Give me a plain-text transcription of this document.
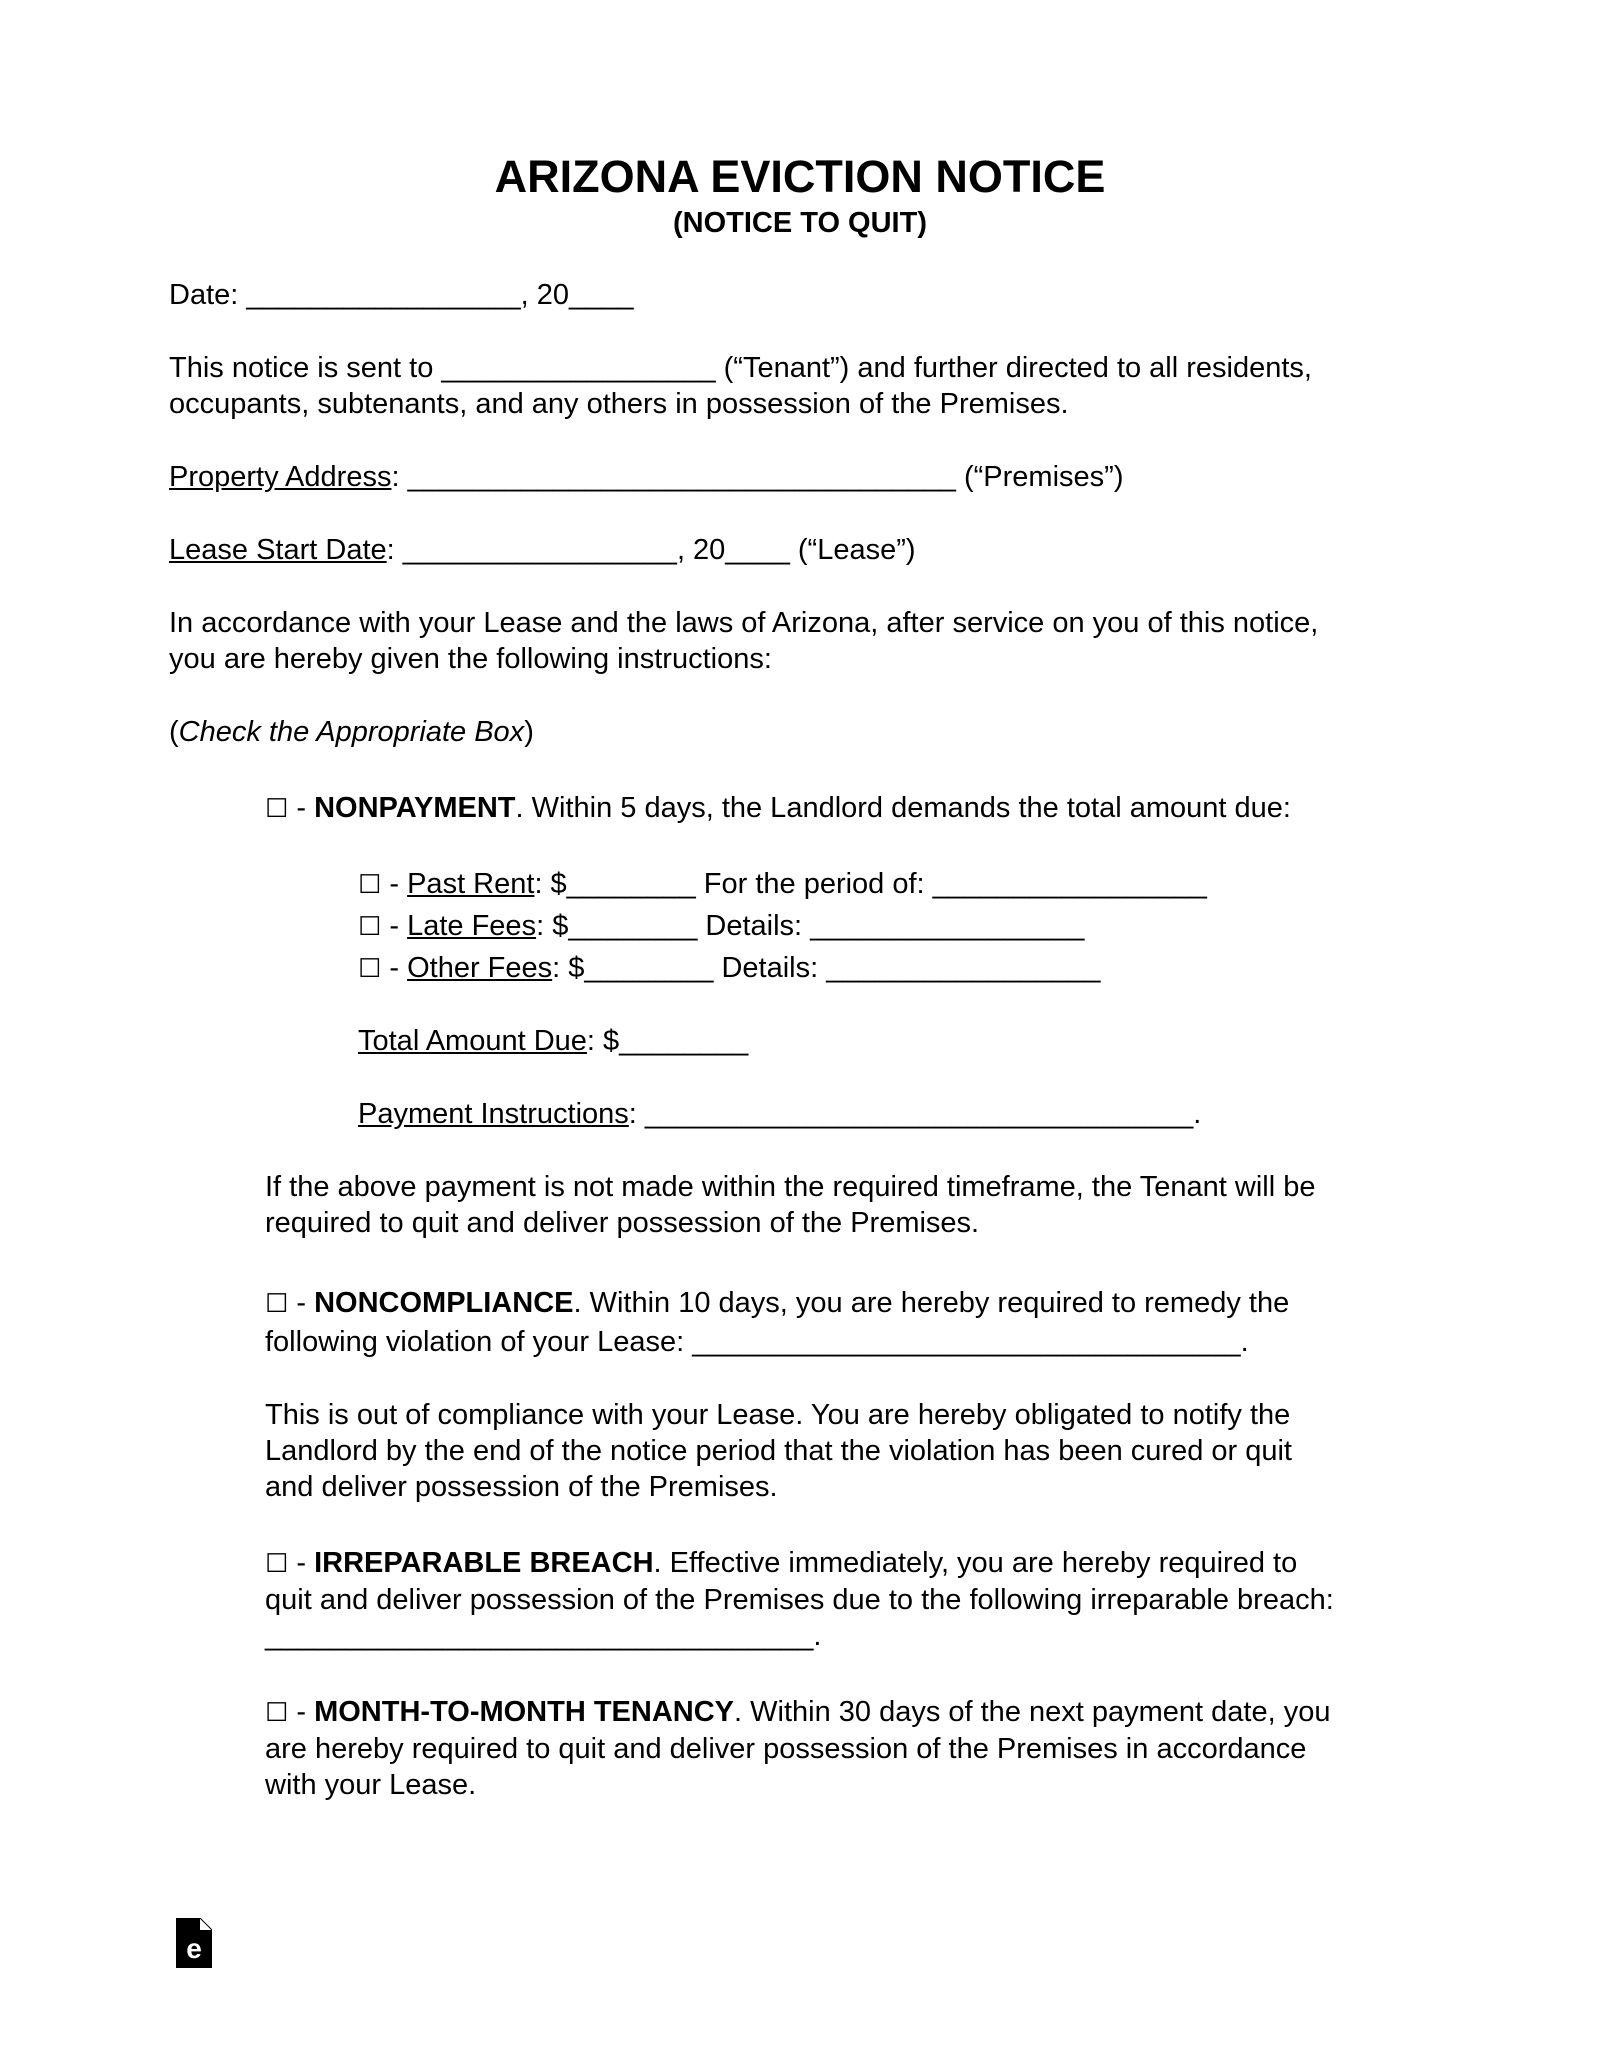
ARIZONA EVICTION NOTICE
(NOTICE TO QUIT)
Date: _________________, 20____
This notice is sent to _________________ (“Tenant”) and further directed to all residents,
occupants, subtenants, and any others in possession of the Premises.
Property Address: __________________________________ (“Premises”)
Lease Start Date: _________________, 20____ (“Lease”)
In accordance with your Lease and the laws of Arizona, after service on you of this notice,
you are hereby given the following instructions:
(Check the Appropriate Box)
☐ - NONPAYMENT. Within 5 days, the Landlord demands the total amount due:
☐ - Past Rent: $________ For the period of: _________________
☐ - Late Fees: $________ Details: _________________
☐ - Other Fees: $________ Details: _________________
Total Amount Due: $________
Payment Instructions: __________________________________.
If the above payment is not made within the required timeframe, the Tenant will be
required to quit and deliver possession of the Premises.
☐ - NONCOMPLIANCE. Within 10 days, you are hereby required to remedy the
following violation of your Lease: __________________________________.
This is out of compliance with your Lease. You are hereby obligated to notify the
Landlord by the end of the notice period that the violation has been cured or quit
and deliver possession of the Premises.
☐ - IRREPARABLE BREACH. Effective immediately, you are hereby required to
quit and deliver possession of the Premises due to the following irreparable breach:
__________________________________.
☐ - MONTH-TO-MONTH TENANCY. Within 30 days of the next payment date, you
are hereby required to quit and deliver possession of the Premises in accordance
with your Lease.
e
